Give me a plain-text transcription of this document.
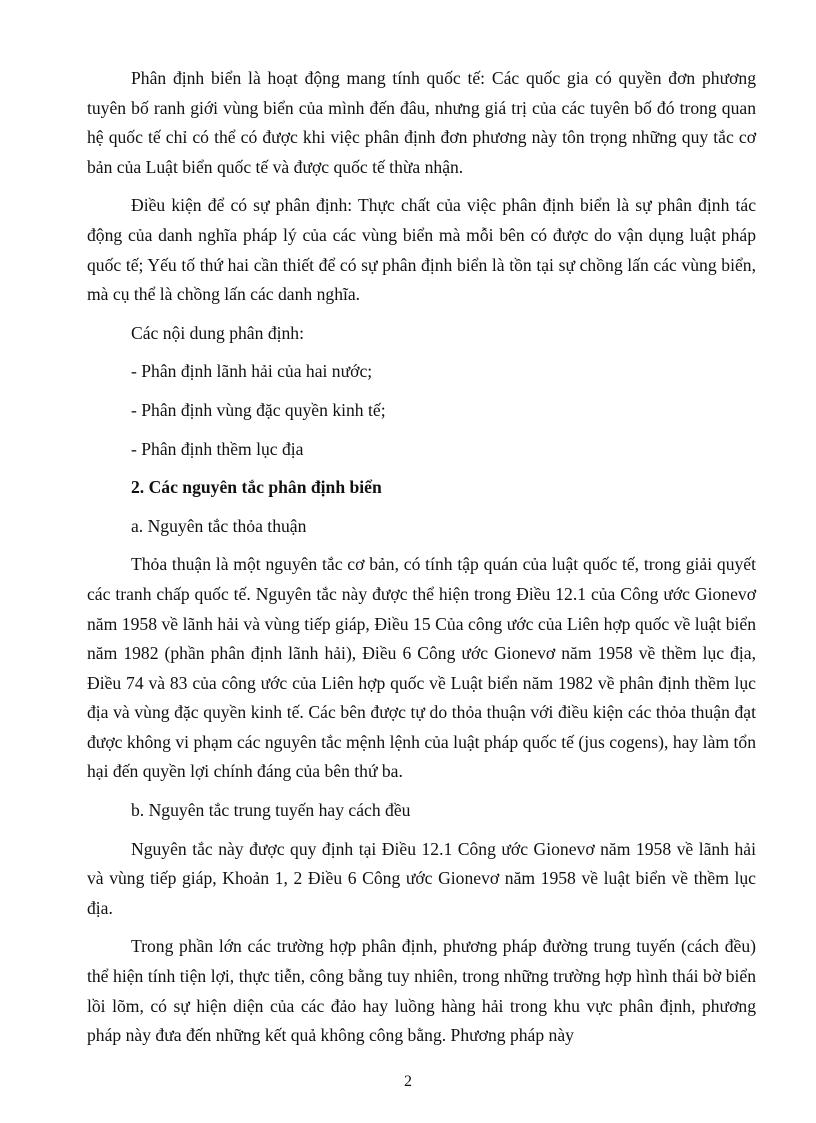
Phân định biển là hoạt động mang tính quốc tế: Các quốc gia có quyền đơn phương tuyên bố ranh giới vùng biển của mình đến đâu, nhưng giá trị của các tuyên bố đó trong quan hệ quốc tế chỉ có thể có được khi việc phân định đơn phương này tôn trọng những quy tắc cơ bản của Luật biển quốc tế và được quốc tế thừa nhận.

Điều kiện để có sự phân định: Thực chất của việc phân định biển là sự phân định tác động của danh nghĩa pháp lý của các vùng biển mà mỗi bên có được do vận dụng luật pháp quốc tế; Yếu tố thứ hai cần thiết để có sự phân định biển là tồn tại sự chồng lấn các vùng biển, mà cụ thể là chồng lấn các danh nghĩa.

Các nội dung phân định:

- Phân định lãnh hải của hai nước;

- Phân định vùng đặc quyền kinh tế;

- Phân định thềm lục địa

2. Các nguyên tắc phân định biển

a. Nguyên tắc thỏa thuận

Thỏa thuận là một nguyên tắc cơ bản, có tính tập quán của luật quốc tế, trong giải quyết các tranh chấp quốc tế. Nguyên tắc này được thể hiện trong Điều 12.1 của Công ước Gionevơ năm 1958 về lãnh hải và vùng tiếp giáp, Điều 15 Của công ước của Liên hợp quốc về luật biển năm 1982 (phần phân định lãnh hải), Điều 6 Công ước Gionevơ năm 1958 về thềm lục địa, Điều 74 và 83 của công ước của Liên hợp quốc về Luật biển năm 1982 về phân định thềm lục địa và vùng đặc quyền kinh tế. Các bên được tự do thỏa thuận với điều kiện các thỏa thuận đạt được không vi phạm các nguyên tắc mệnh lệnh của luật pháp quốc tế (jus cogens), hay làm tổn hại đến quyền lợi chính đáng của bên thứ ba.

b. Nguyên tắc trung tuyến hay cách đều

Nguyên tắc này được quy định tại Điều 12.1 Công ước Gionevơ năm 1958 về lãnh hải và vùng tiếp giáp, Khoản 1, 2 Điều 6 Công ước Gionevơ năm 1958 về luật biển về thềm lục địa.

Trong phần lớn các trường hợp phân định, phương pháp đường trung tuyến (cách đều) thể hiện tính tiện lợi, thực tiễn, công bằng tuy nhiên, trong những trường hợp hình thái bờ biển lồi lõm, có sự hiện diện của các đảo hay luồng hàng hải trong khu vực phân định, phương pháp này đưa đến những kết quả không công bằng. Phương pháp này

2
